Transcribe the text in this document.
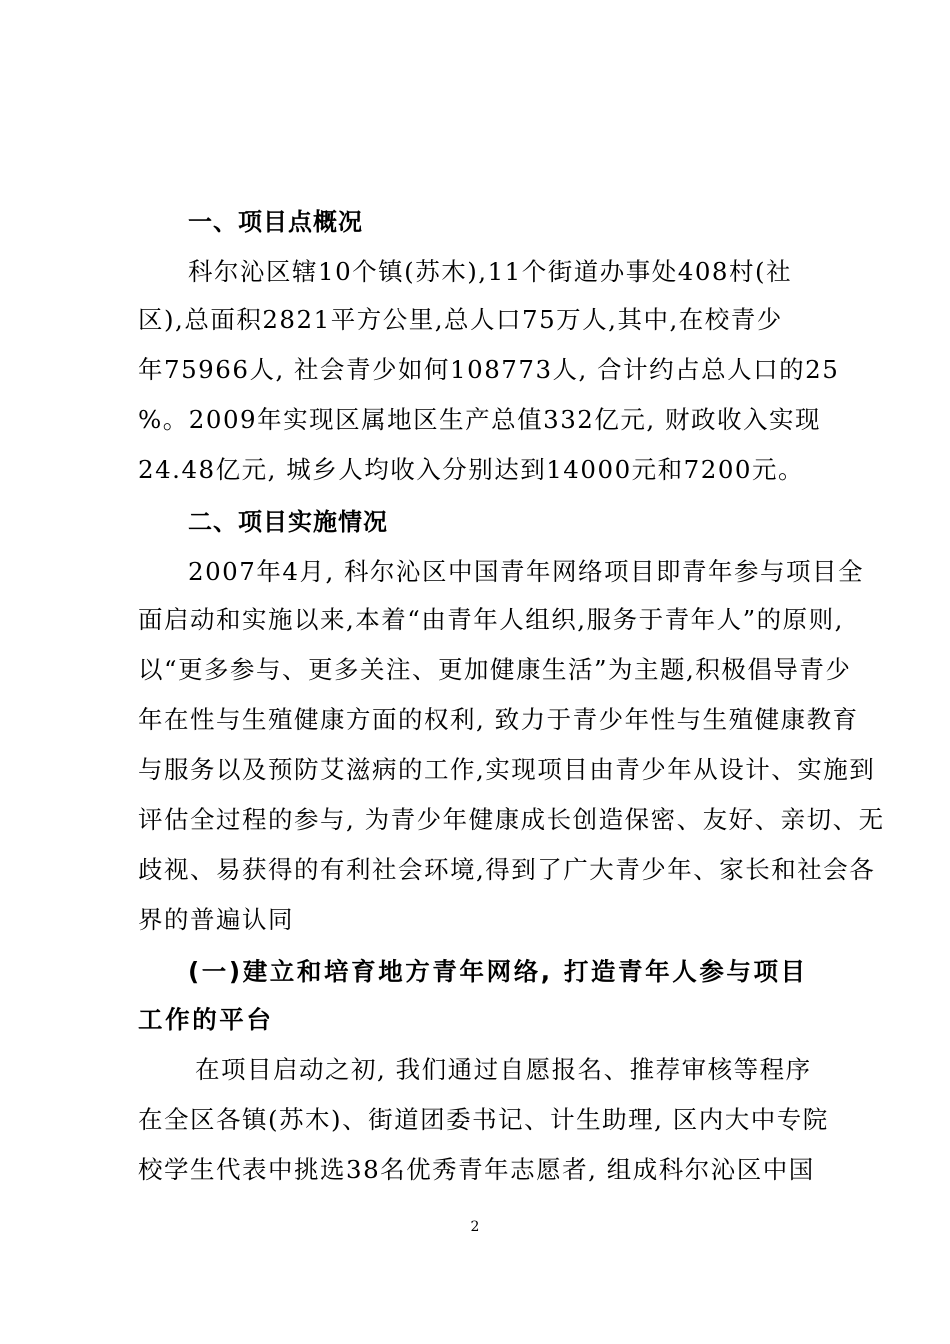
一、项目点概况
科尔沁区辖10个镇(苏木),11个街道办事处408村(社
区),总面积2821平方公里,总人口75万人,其中,在校青少
年75966人, 社会青少如何108773人, 合计约占总人口的25
%。2009年实现区属地区生产总值332亿元, 财政收入实现
24.48亿元, 城乡人均收入分别达到14000元和7200元。
二、项目实施情况
2007年4月, 科尔沁区中国青年网络项目即青年参与项目全
面启动和实施以来,本着“由青年人组织,服务于青年人”的原则,
以“更多参与、更多关注、更加健康生活”为主题,积极倡导青少
年在性与生殖健康方面的权利, 致力于青少年性与生殖健康教育
与服务以及预防艾滋病的工作,实现项目由青少年从设计、实施到
评估全过程的参与, 为青少年健康成长创造保密、友好、亲切、无
歧视、易获得的有利社会环境,得到了广大青少年、家长和社会各
界的普遍认同
(一)建立和培育地方青年网络, 打造青年人参与项目
工作的平台
在项目启动之初, 我们通过自愿报名、推荐审核等程序
在全区各镇(苏木)、街道团委书记、计生助理, 区内大中专院
校学生代表中挑选38名优秀青年志愿者, 组成科尔沁区中国
2
